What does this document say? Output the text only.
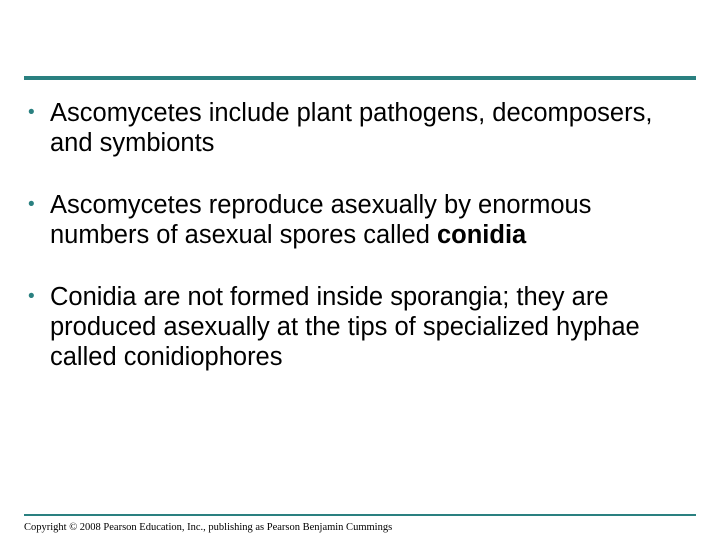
• Ascomycetes include plant pathogens, decomposers, and symbionts
• Ascomycetes reproduce asexually by enormous numbers of asexual spores called conidia
• Conidia are not formed inside sporangia; they are produced asexually at the tips of specialized hyphae called conidiophores
Copyright © 2008 Pearson Education, Inc., publishing as Pearson Benjamin Cummings
